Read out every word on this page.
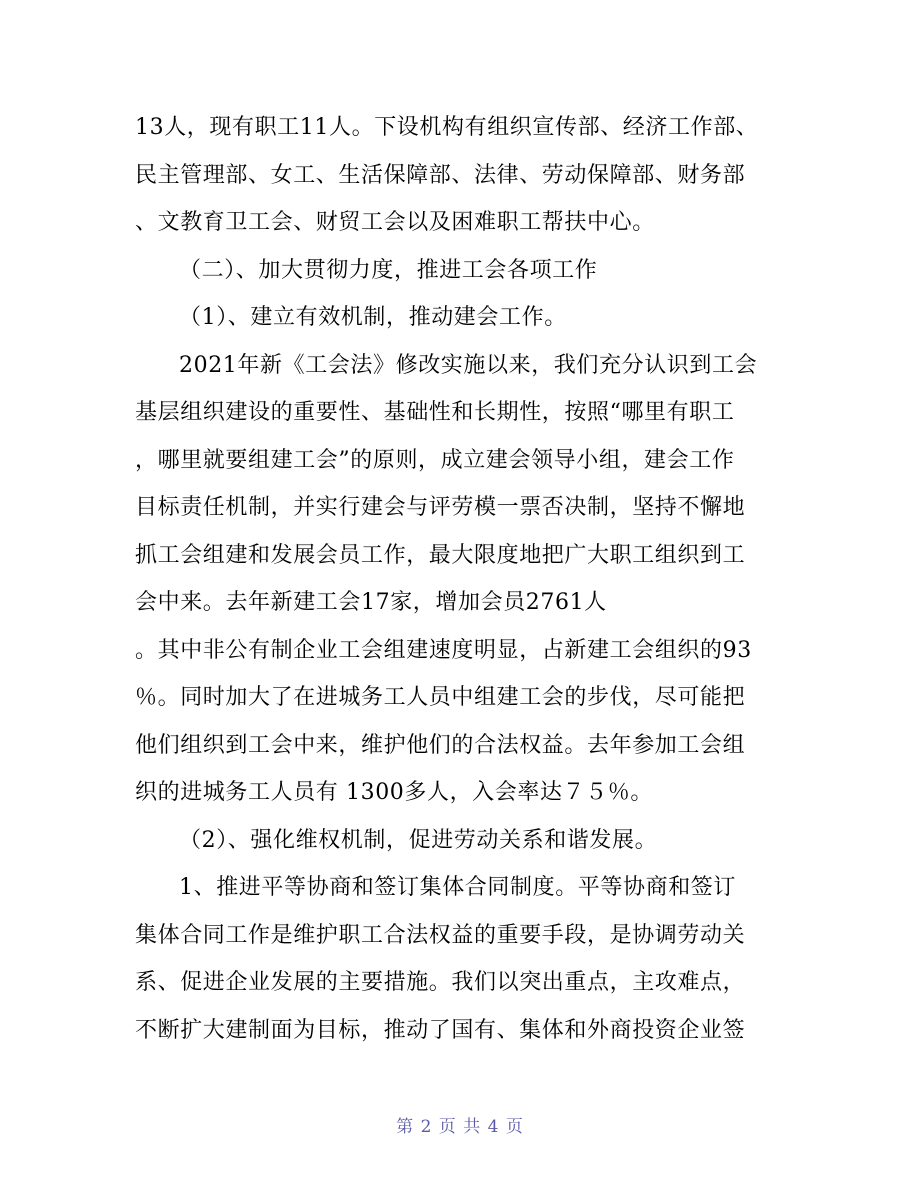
13人，现有职工11人。下设机构有组织宣传部、经济工作部、
民主管理部、女工、生活保障部、法律、劳动保障部、财务部
、文教育卫工会、财贸工会以及困难职工帮扶中心。
（二）、加大贯彻力度，推进工会各项工作
（1）、建立有效机制，推动建会工作。
2021年新《工会法》修改实施以来，我们充分认识到工会
基层组织建设的重要性、基础性和长期性，按照“哪里有职工
，哪里就要组建工会”的原则，成立建会领导小组，建会工作
目标责任机制，并实行建会与评劳模一票否决制，坚持不懈地
抓工会组建和发展会员工作，最大限度地把广大职工组织到工
会中来。去年新建工会17家，增加会员2761人
。其中非公有制企业工会组建速度明显，占新建工会组织的93
％。同时加大了在进城务工人员中组建工会的步伐，尽可能把
他们组织到工会中来，维护他们的合法权益。去年参加工会组
织的进城务工人员有 1300多人，入会率达７５％。
（2）、强化维权机制，促进劳动关系和谐发展。
1、推进平等协商和签订集体合同制度。平等协商和签订
集体合同工作是维护职工合法权益的重要手段，是协调劳动关
系、促进企业发展的主要措施。我们以突出重点，主攻难点，
不断扩大建制面为目标，推动了国有、集体和外商投资企业签
第 2 页 共 4 页
